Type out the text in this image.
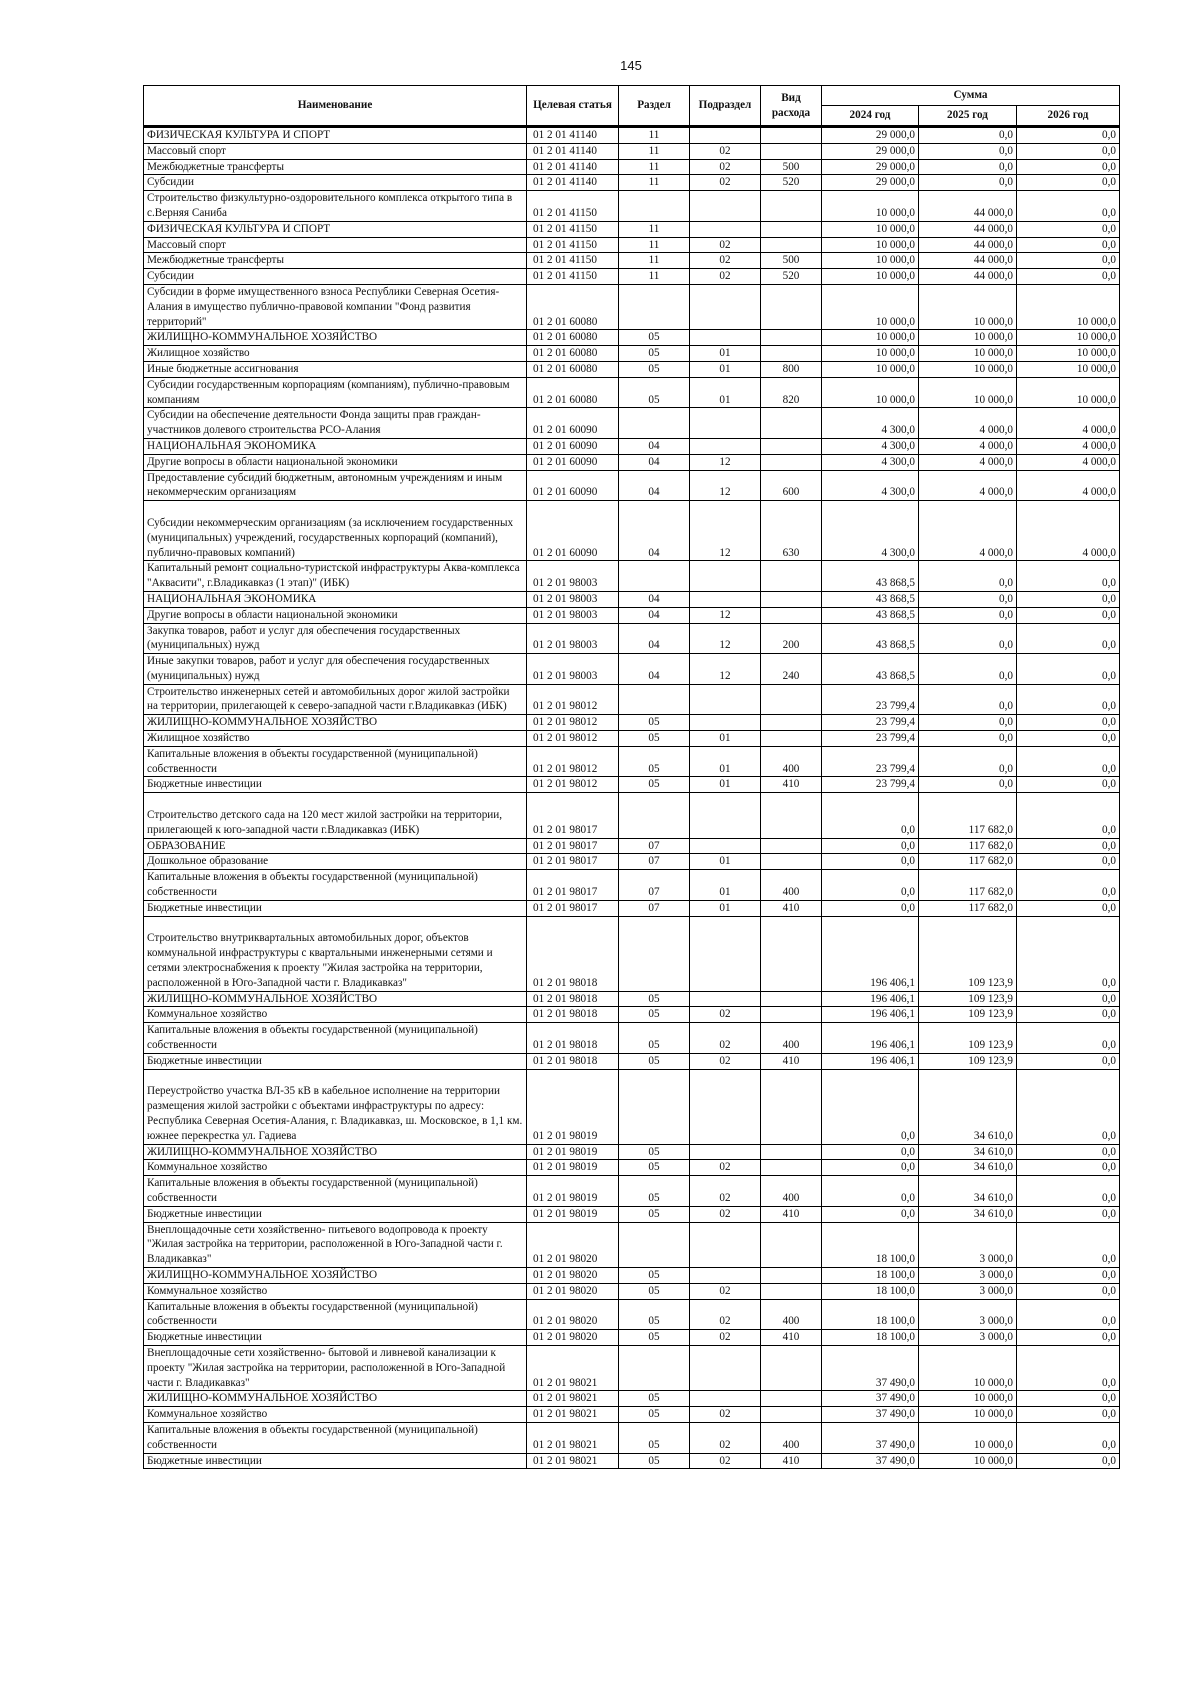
145
Наименование	Целевая статья	Раздел	Подраздел	Вид расхода	Сумма		
					2024 год	2025 год	2026 год
ФИЗИЧЕСКАЯ КУЛЬТУРА И СПОРТ	01 2 01 41140	11			29 000,0	0,0	0,0
Массовый спорт	01 2 01 41140	11	02		29 000,0	0,0	0,0
Межбюджетные трансферты	01 2 01 41140	11	02	500	29 000,0	0,0	0,0
Субсидии	01 2 01 41140	11	02	520	29 000,0	0,0	0,0
Строительство физкультурно-оздоровительного комплекса открытого типа в с.Верняя Саниба	01 2 01 41150				10 000,0	44 000,0	0,0
ФИЗИЧЕСКАЯ КУЛЬТУРА И СПОРТ	01 2 01 41150	11			10 000,0	44 000,0	0,0
Массовый спорт	01 2 01 41150	11	02		10 000,0	44 000,0	0,0
Межбюджетные трансферты	01 2 01 41150	11	02	500	10 000,0	44 000,0	0,0
Субсидии	01 2 01 41150	11	02	520	10 000,0	44 000,0	0,0
Субсидии в форме имущественного взноса Республики Северная Осетия-Алания в имущество публично-правовой компании "Фонд развития территорий"	01 2 01 60080				10 000,0	10 000,0	10 000,0
ЖИЛИЩНО-КОММУНАЛЬНОЕ ХОЗЯЙСТВО	01 2 01 60080	05			10 000,0	10 000,0	10 000,0
Жилищное хозяйство	01 2 01 60080	05	01		10 000,0	10 000,0	10 000,0
Иные бюджетные ассигнования	01 2 01 60080	05	01	800	10 000,0	10 000,0	10 000,0
Субсидии государственным корпорациям (компаниям), публично-правовым компаниям	01 2 01 60080	05	01	820	10 000,0	10 000,0	10 000,0
Субсидии на обеспечение деятельности Фонда защиты прав граждан-участников долевого строительства РСО-Алания	01 2 01 60090				4 300,0	4 000,0	4 000,0
НАЦИОНАЛЬНАЯ ЭКОНОМИКА	01 2 01 60090	04			4 300,0	4 000,0	4 000,0
Другие вопросы в области национальной экономики	01 2 01 60090	04	12		4 300,0	4 000,0	4 000,0
Предоставление субсидий бюджетным, автономным учреждениям и иным некоммерческим организациям	01 2 01 60090	04	12	600	4 300,0	4 000,0	4 000,0
Субсидии некоммерческим организациям (за исключением государственных (муниципальных) учреждений, государственных корпораций (компаний), публично-правовых компаний)	01 2 01 60090	04	12	630	4 300,0	4 000,0	4 000,0
Капитальный ремонт социально-туристской инфраструктуры Аква-комплекса "Аквасити", г.Владикавказ (1 этап)" (ИБК)	01 2 01 98003				43 868,5	0,0	0,0
НАЦИОНАЛЬНАЯ ЭКОНОМИКА	01 2 01 98003	04			43 868,5	0,0	0,0
Другие вопросы в области национальной экономики	01 2 01 98003	04	12		43 868,5	0,0	0,0
Закупка товаров, работ и услуг для обеспечения государственных (муниципальных) нужд	01 2 01 98003	04	12	200	43 868,5	0,0	0,0
Иные закупки товаров, работ и услуг для обеспечения государственных (муниципальных) нужд	01 2 01 98003	04	12	240	43 868,5	0,0	0,0
Строительство инженерных сетей и автомобильных дорог жилой застройки на территории, прилегающей к северо-западной части г.Владикавказ (ИБК)	01 2 01 98012				23 799,4	0,0	0,0
ЖИЛИЩНО-КОММУНАЛЬНОЕ ХОЗЯЙСТВО	01 2 01 98012	05			23 799,4	0,0	0,0
Жилищное хозяйство	01 2 01 98012	05	01		23 799,4	0,0	0,0
Капитальные вложения в объекты государственной (муниципальной) собственности	01 2 01 98012	05	01	400	23 799,4	0,0	0,0
Бюджетные инвестиции	01 2 01 98012	05	01	410	23 799,4	0,0	0,0
Строительство детского сада на 120 мест жилой застройки на территории, прилегающей к юго-западной части г.Владикавказ (ИБК)	01 2 01 98017				0,0	117 682,0	0,0
ОБРАЗОВАНИЕ	01 2 01 98017	07			0,0	117 682,0	0,0
Дошкольное образование	01 2 01 98017	07	01		0,0	117 682,0	0,0
Капитальные вложения в объекты государственной (муниципальной) собственности	01 2 01 98017	07	01	400	0,0	117 682,0	0,0
Бюджетные инвестиции	01 2 01 98017	07	01	410	0,0	117 682,0	0,0
Строительство внутриквартальных автомобильных дорог, объектов коммунальной инфраструктуры с квартальными инженерными сетями и сетями электроснабжения к проекту "Жилая застройка на территории, расположенной в Юго-Западной части г. Владикавказ"	01 2 01 98018				196 406,1	109 123,9	0,0
ЖИЛИЩНО-КОММУНАЛЬНОЕ ХОЗЯЙСТВО	01 2 01 98018	05			196 406,1	109 123,9	0,0
Коммунальное хозяйство	01 2 01 98018	05	02		196 406,1	109 123,9	0,0
Капитальные вложения в объекты государственной (муниципальной) собственности	01 2 01 98018	05	02	400	196 406,1	109 123,9	0,0
Бюджетные инвестиции	01 2 01 98018	05	02	410	196 406,1	109 123,9	0,0
Переустройство участка ВЛ-35 кВ в кабельное исполнение на территории размещения жилой застройки с объектами инфраструктуры по адресу: Республика Северная Осетия-Алания, г. Владикавказ, ш. Московское, в 1,1 км. южнее перекрестка ул. Гадиева	01 2 01 98019				0,0	34 610,0	0,0
ЖИЛИЩНО-КОММУНАЛЬНОЕ ХОЗЯЙСТВО	01 2 01 98019	05			0,0	34 610,0	0,0
Коммунальное хозяйство	01 2 01 98019	05	02		0,0	34 610,0	0,0
Капитальные вложения в объекты государственной (муниципальной) собственности	01 2 01 98019	05	02	400	0,0	34 610,0	0,0
Бюджетные инвестиции	01 2 01 98019	05	02	410	0,0	34 610,0	0,0
Внеплощадочные сети хозяйственно- питьевого водопровода к проекту "Жилая застройка на территории, расположенной в Юго-Западной части г. Владикавказ"	01 2 01 98020				18 100,0	3 000,0	0,0
ЖИЛИЩНО-КОММУНАЛЬНОЕ ХОЗЯЙСТВО	01 2 01 98020	05			18 100,0	3 000,0	0,0
Коммунальное хозяйство	01 2 01 98020	05	02		18 100,0	3 000,0	0,0
Капитальные вложения в объекты государственной (муниципальной) собственности	01 2 01 98020	05	02	400	18 100,0	3 000,0	0,0
Бюджетные инвестиции	01 2 01 98020	05	02	410	18 100,0	3 000,0	0,0
Внеплощадочные сети хозяйственно- бытовой и ливневой канализации к проекту "Жилая застройка на территории, расположенной в Юго-Западной части г. Владикавказ"	01 2 01 98021				37 490,0	10 000,0	0,0
ЖИЛИЩНО-КОММУНАЛЬНОЕ ХОЗЯЙСТВО	01 2 01 98021	05			37 490,0	10 000,0	0,0
Коммунальное хозяйство	01 2 01 98021	05	02		37 490,0	10 000,0	0,0
Капитальные вложения в объекты государственной (муниципальной) собственности	01 2 01 98021	05	02	400	37 490,0	10 000,0	0,0
Бюджетные инвестиции	01 2 01 98021	05	02	410	37 490,0	10 000,0	0,0
